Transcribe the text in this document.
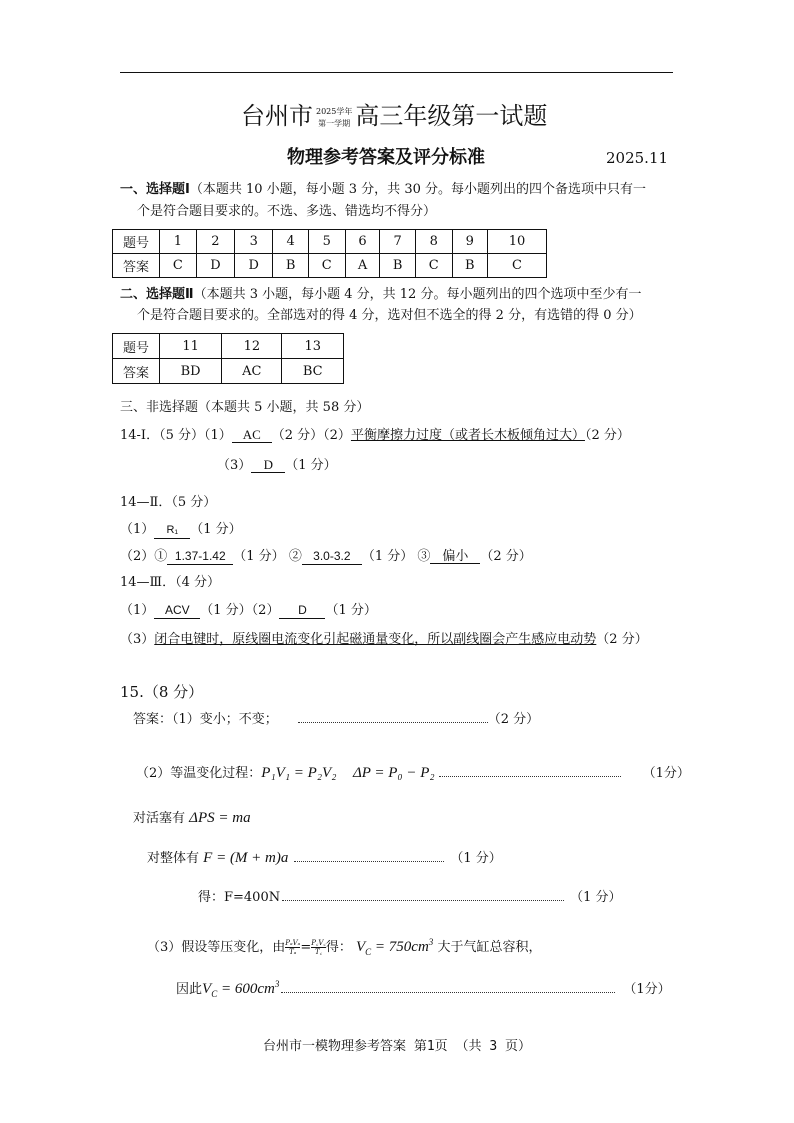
台州市 2025学年
第一学期 高三年级第一试题
物理参考答案及评分标准	2025.11
一、选择题Ⅰ（本题共 10 小题，每小题 3 分，共 30 分。每小题列出的四个备选项中只有一
个是符合题目要求的。不选、多选、错选均不得分）
题号	1	2	3	4	5	6	7	8	9	10
答案	C	D	D	B	C	A	B	C	B	C
二、选择题Ⅱ（本题共 3 小题，每小题 4 分，共 12 分。每小题列出的四个选项中至少有一
个是符合题目要求的。全部选对的得 4 分，选对但不选全的得 2 分，有选错的得 0 分）
题号	11	12	13
答案	BD	AC	BC
三、非选择题（本题共 5 小题，共 58 分）
14-Ⅰ．（5 分）（1） AC （2 分）（2）平衡摩擦力过度（或者长木板倾角过大）（2 分）
（3） D （1 分）
14—Ⅱ．（5 分）
（1） R₁ （1 分）
（2）① 1.37-1.42 （1 分） ② 3.0-3.2 （1 分） ③ 偏小 （2 分）
14—Ⅲ．（4 分）
（1） ACV （1 分）（2） D （1 分）
（3）闭合电键时，原线圈电流变化引起磁通量变化，所以副线圈会产生感应电动势（2 分）
15.（8 分）
答案：（1）变小；不变；	（2 分）
（2）等温变化过程：P₁V₁ = P₂V₂ ΔP = P₀ − P₂	（1分）
对活塞有 ΔPS = ma
对整体有 F = (M + m)a	（1 分）
得：F=400N	（1 分）
（3）假设等压变化，由 PₐVₐ
$T_a = \frac{P꜀V꜀}{T꜀}$得： $V_C = 750cm^3$ 大于气缸总容积，
因此$V_C = 600cm^3$	（1分）
台州市一模物理参考答案 第1页 （共 3 页）
